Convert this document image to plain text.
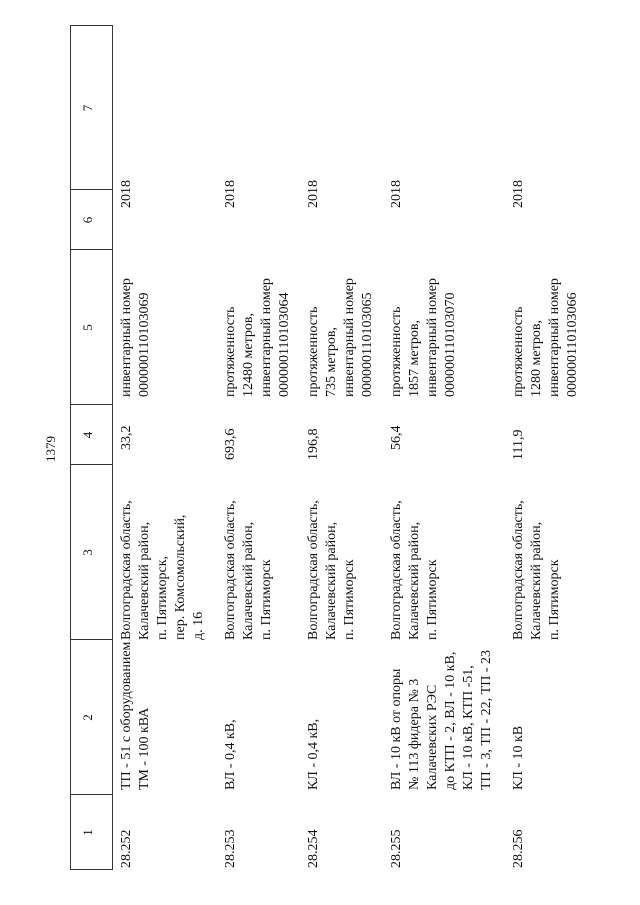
1379
1
2
3
4
5
6
7
28.252
ТП - 51 с оборудованием ТМ - 100 кВА
Волгоградская область, Калачевский район, п. Пятиморск, пер. Комсомольский, д. 16
33,2
инвентарный номер 000000110103069
2018
28.253
ВЛ - 0,4 кВ,
Волгоградская область, Калачевский район, п. Пятиморск
693,6
протяженность 12480 метров, инвентарный номер 000000110103064
2018
28.254
КЛ - 0,4 кВ,
Волгоградская область, Калачевский район, п. Пятиморск
196,8
протяженность 735 метров, инвентарный номер 000000110103065
2018
28.255
ВЛ - 10 кВ от опоры № 113 фидера № 3 Калачевских РЭС до КТП - 2, ВЛ - 10 кВ, КЛ - 10 кВ, КТП -51, ТП - 3, ТП - 22, ТП - 23
Волгоградская область, Калачевский район, п. Пятиморск
56,4
протяженность 1857 метров, инвентарный номер 000000110103070
2018
28.256
КЛ - 10 кВ
Волгоградская область, Калачевский район, п. Пятиморск
111,9
протяженность 1280 метров, инвентарный номер 000000110103066
2018
